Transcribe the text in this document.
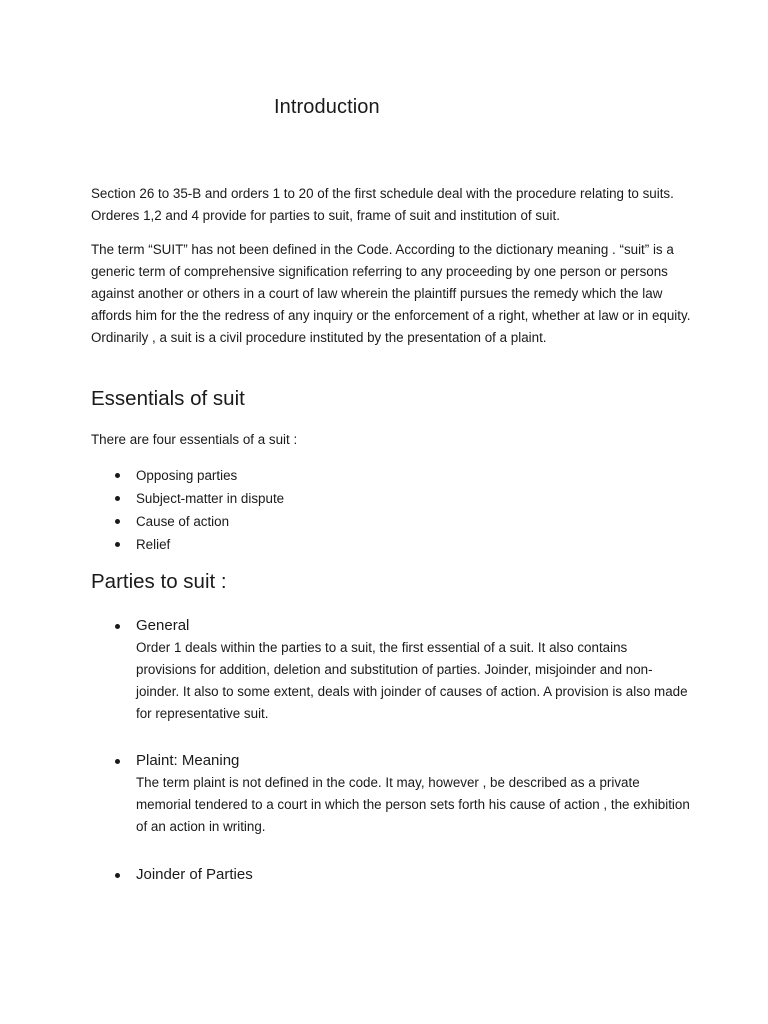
Introduction

Section 26 to 35-B and orders 1 to 20 of the first schedule deal with the procedure relating to suits. Orderes 1,2 and 4 provide for parties to suit, frame of suit and institution of suit.

The term “SUIT” has not been defined in the Code. According to the dictionary meaning . “suit” is a generic term of comprehensive signification referring to any proceeding by one person or persons against another or others in a court of law wherein the plaintiff pursues the remedy which the law affords him for the the redress of any inquiry or the enforcement of a right, whether at law or in equity. Ordinarily , a suit is a civil procedure instituted by the presentation of a plaint.

Essentials of suit
There are four essentials of a suit :
Opposing parties
Subject-matter in dispute
Cause of action
Relief
Parties to suit :
General

Order 1 deals within the parties to a suit, the first essential of a suit. It also contains provisions for addition, deletion and substitution of parties. Joinder, misjoinder and non-joinder. It also to some extent, deals with joinder of causes of action. A provision is also made for representative suit.

Plaint: Meaning

The term plaint is not defined in the code. It may, however , be described as a private memorial tendered to a court in which the person sets forth his cause of action , the exhibition of an action in writing.

Joinder of Parties
